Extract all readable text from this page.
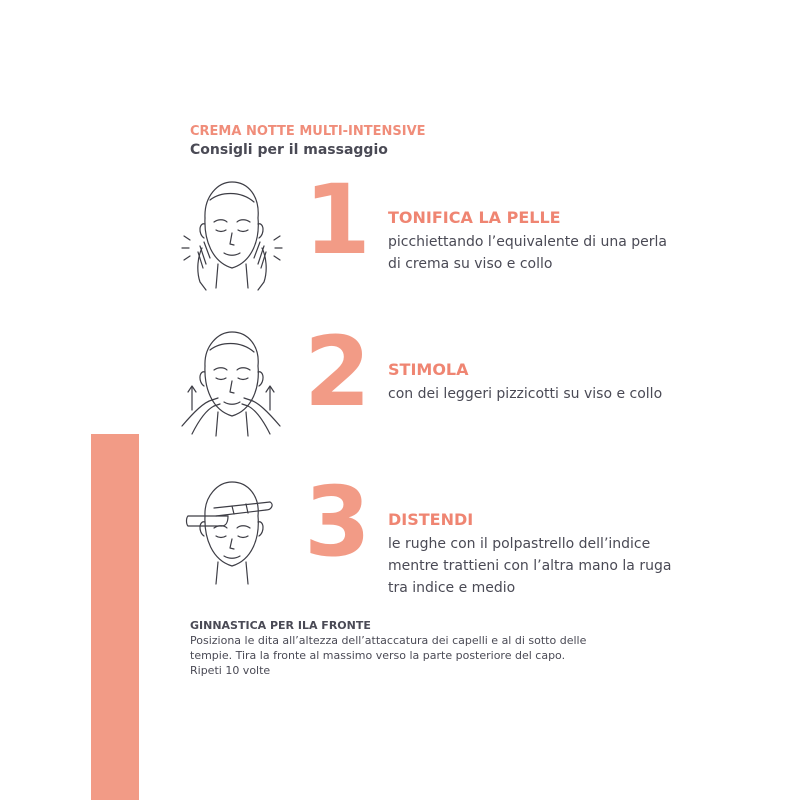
CREMA NOTTE MULTI-INTENSIVE
Consigli per il massaggio
1 TONIFICA LA PELLE
picchiettando l’equivalente di una perla di crema su viso e collo
2 STIMOLA
con dei leggeri pizzicotti su viso e collo
3 DISTENDI
le rughe con il polpastrello dell’indice mentre trattieni con l’altra mano la ruga tra indice e medio
GINNASTICA PER ILA FRONTE
Posiziona le dita all’altezza dell’attaccatura dei capelli e al di sotto delle
tempie. Tira la fronte al massimo verso la parte posteriore del capo.
Ripeti 10 volte
